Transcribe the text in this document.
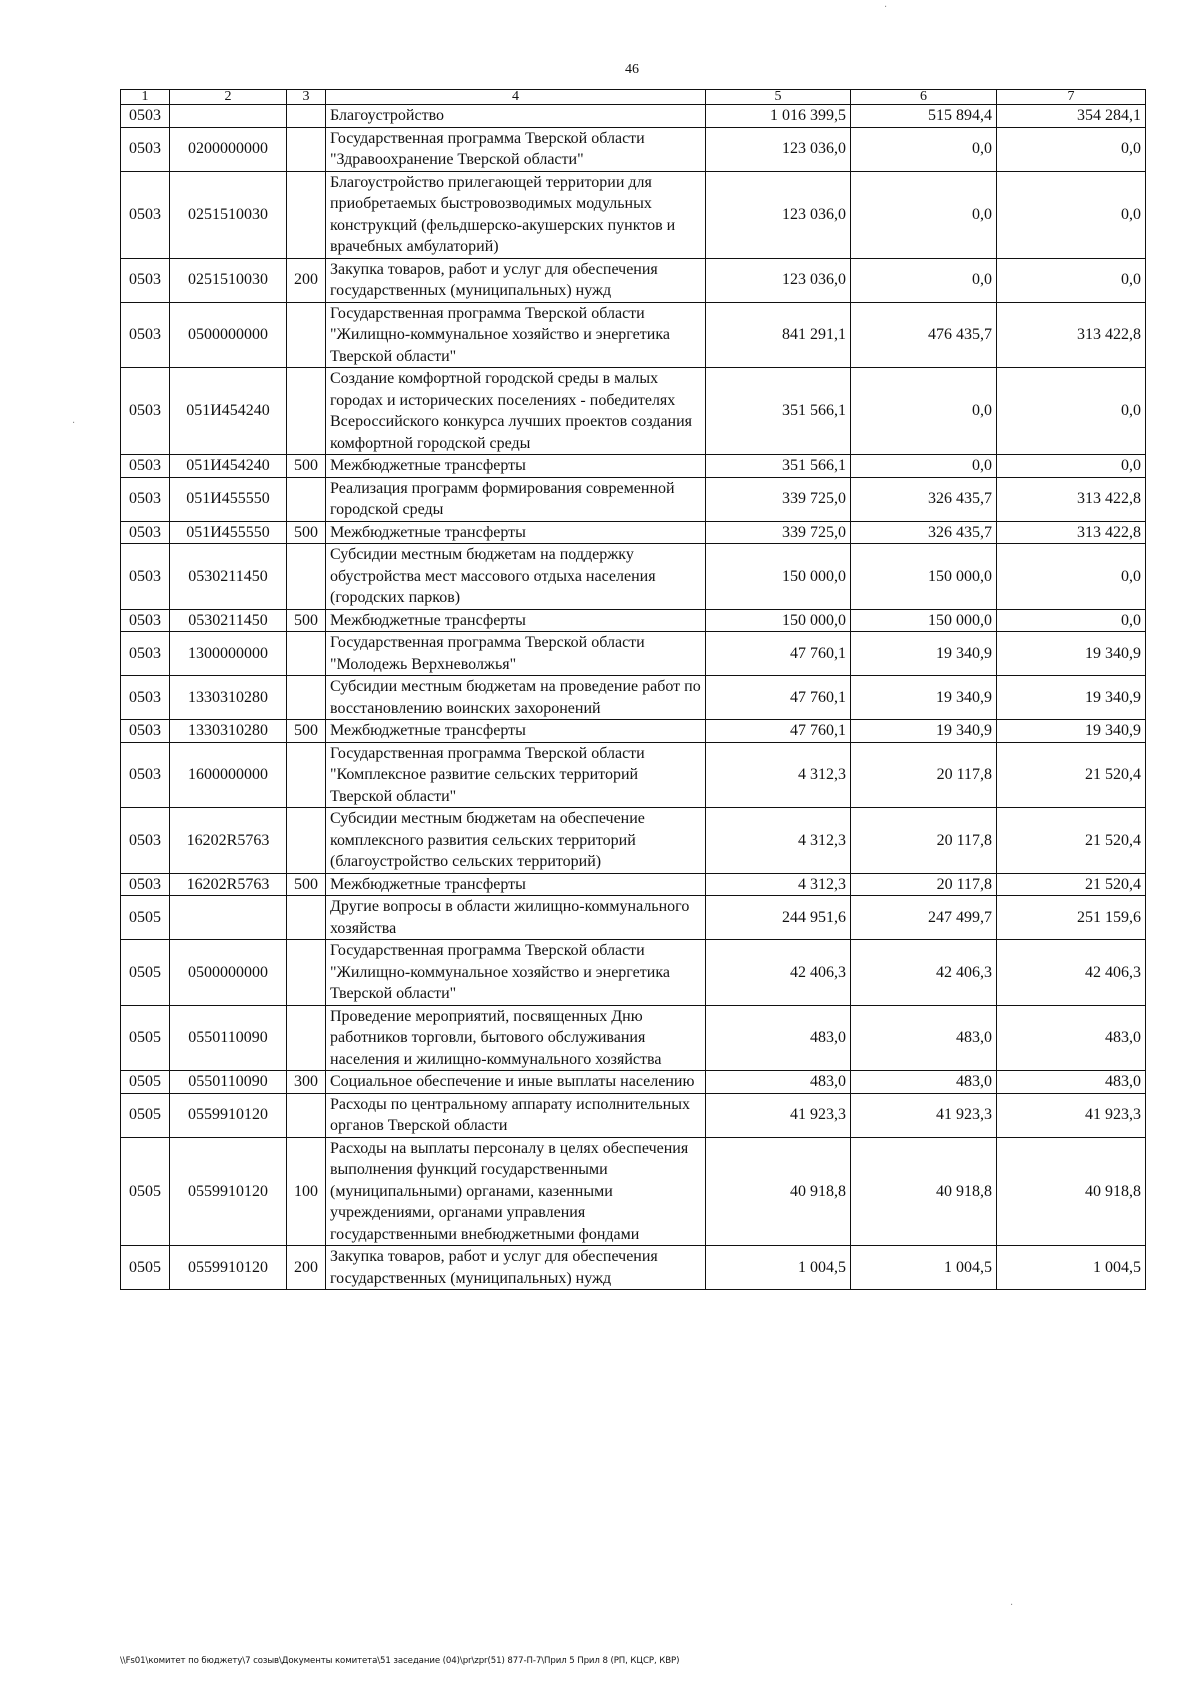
46
1	2	3	4	5	6	7
0503			Благоустройство	1 016 399,5	515 894,4	354 284,1
0503	0200000000		Государственная программа Тверской области "Здравоохранение Тверской области"	123 036,0	0,0	0,0
0503	0251510030		Благоустройство прилегающей территории для приобретаемых быстровозводимых модульных конструкций (фельдшерско-акушерских пунктов и врачебных амбулаторий)	123 036,0	0,0	0,0
0503	0251510030	200	Закупка товаров, работ и услуг для обеспечения государственных (муниципальных) нужд	123 036,0	0,0	0,0
0503	0500000000		Государственная программа Тверской области "Жилищно-коммунальное хозяйство и энергетика Тверской области"	841 291,1	476 435,7	313 422,8
0503	051И454240		Создание комфортной городской среды в малых городах и исторических поселениях - победителях Всероссийского конкурса лучших проектов создания комфортной городской среды	351 566,1	0,0	0,0
0503	051И454240	500	Межбюджетные трансферты	351 566,1	0,0	0,0
0503	051И455550		Реализация программ формирования современной городской среды	339 725,0	326 435,7	313 422,8
0503	051И455550	500	Межбюджетные трансферты	339 725,0	326 435,7	313 422,8
0503	0530211450		Субсидии местным бюджетам на поддержку обустройства мест массового отдыха населения (городских парков)	150 000,0	150 000,0	0,0
0503	0530211450	500	Межбюджетные трансферты	150 000,0	150 000,0	0,0
0503	1300000000		Государственная программа Тверской области "Молодежь Верхневолжья"	47 760,1	19 340,9	19 340,9
0503	1330310280		Субсидии местным бюджетам на проведение работ по восстановлению воинских захоронений	47 760,1	19 340,9	19 340,9
0503	1330310280	500	Межбюджетные трансферты	47 760,1	19 340,9	19 340,9
0503	1600000000		Государственная программа Тверской области "Комплексное развитие сельских территорий Тверской области"	4 312,3	20 117,8	21 520,4
0503	16202R5763		Субсидии местным бюджетам на обеспечение комплексного развития сельских территорий (благоустройство сельских территорий)	4 312,3	20 117,8	21 520,4
0503	16202R5763	500	Межбюджетные трансферты	4 312,3	20 117,8	21 520,4
0505			Другие вопросы в области жилищно-коммунального хозяйства	244 951,6	247 499,7	251 159,6
0505	0500000000		Государственная программа Тверской области "Жилищно-коммунальное хозяйство и энергетика Тверской области"	42 406,3	42 406,3	42 406,3
0505	0550110090		Проведение мероприятий, посвященных Дню работников торговли, бытового обслуживания населения и жилищно-коммунального хозяйства	483,0	483,0	483,0
0505	0550110090	300	Социальное обеспечение и иные выплаты населению	483,0	483,0	483,0
0505	0559910120		Расходы по центральному аппарату исполнительных органов Тверской области	41 923,3	41 923,3	41 923,3
0505	0559910120	100	Расходы на выплаты персоналу в целях обеспечения выполнения функций государственными (муниципальными) органами, казенными учреждениями, органами управления государственными внебюджетными фондами	40 918,8	40 918,8	40 918,8
0505	0559910120	200	Закупка товаров, работ и услуг для обеспечения государственных (муниципальных) нужд	1 004,5	1 004,5	1 004,5
·
·
·
\\Fs01\комитет по бюджету\7 созыв\Документы комитета\51 заседание (04)\pr\zpr(51) 877-П-7\Прил 5 Прил 8 (РП, КЦСР, КВР)
